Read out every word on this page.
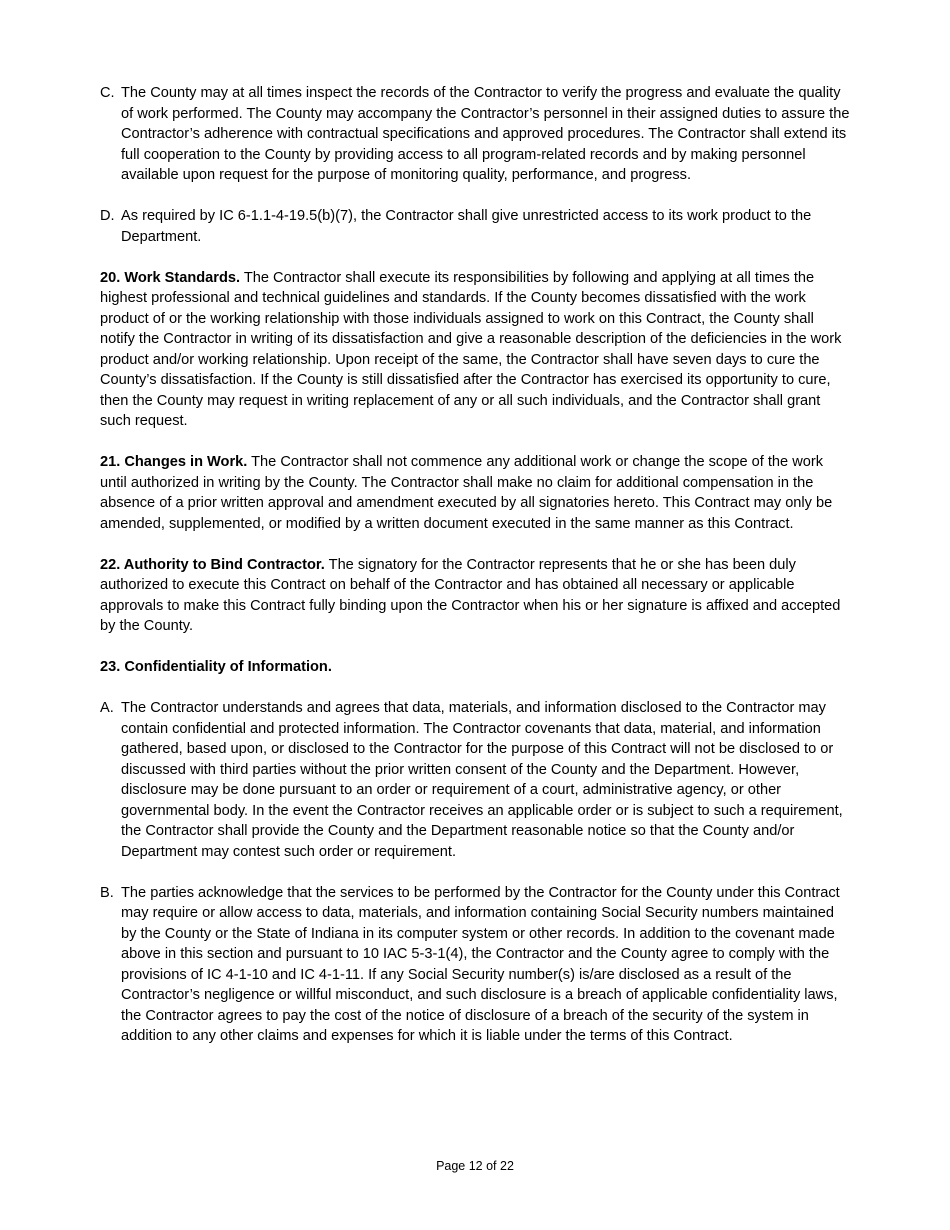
C. The County may at all times inspect the records of the Contractor to verify the progress and evaluate the quality of work performed. The County may accompany the Contractor’s personnel in their assigned duties to assure the Contractor’s adherence with contractual specifications and approved procedures. The Contractor shall extend its full cooperation to the County by providing access to all program-related records and by making personnel available upon request for the purpose of monitoring quality, performance, and progress.
D. As required by IC 6-1.1-4-19.5(b)(7), the Contractor shall give unrestricted access to its work product to the Department.

20. Work Standards. The Contractor shall execute its responsibilities by following and applying at all times the highest professional and technical guidelines and standards. If the County becomes dissatisfied with the work product of or the working relationship with those individuals assigned to work on this Contract, the County shall notify the Contractor in writing of its dissatisfaction and give a reasonable description of the deficiencies in the work product and/or working relationship. Upon receipt of the same, the Contractor shall have seven days to cure the County’s dissatisfaction. If the County is still dissatisfied after the Contractor has exercised its opportunity to cure, then the County may request in writing replacement of any or all such individuals, and the Contractor shall grant such request.

21. Changes in Work. The Contractor shall not commence any additional work or change the scope of the work until authorized in writing by the County. The Contractor shall make no claim for additional compensation in the absence of a prior written approval and amendment executed by all signatories hereto. This Contract may only be amended, supplemented, or modified by a written document executed in the same manner as this Contract.

22. Authority to Bind Contractor. The signatory for the Contractor represents that he or she has been duly authorized to execute this Contract on behalf of the Contractor and has obtained all necessary or applicable approvals to make this Contract fully binding upon the Contractor when his or her signature is affixed and accepted by the County.

23. Confidentiality of Information.

A. The Contractor understands and agrees that data, materials, and information disclosed to the Contractor may contain confidential and protected information. The Contractor covenants that data, material, and information gathered, based upon, or disclosed to the Contractor for the purpose of this Contract will not be disclosed to or discussed with third parties without the prior written consent of the County and the Department. However, disclosure may be done pursuant to an order or requirement of a court, administrative agency, or other governmental body. In the event the Contractor receives an applicable order or is subject to such a requirement, the Contractor shall provide the County and the Department reasonable notice so that the County and/or Department may contest such order or requirement.
B. The parties acknowledge that the services to be performed by the Contractor for the County under this Contract may require or allow access to data, materials, and information containing Social Security numbers maintained by the County or the State of Indiana in its computer system or other records. In addition to the covenant made above in this section and pursuant to 10 IAC 5-3-1(4), the Contractor and the County agree to comply with the provisions of IC 4-1-10 and IC 4-1-11. If any Social Security number(s) is/are disclosed as a result of the Contractor’s negligence or willful misconduct, and such disclosure is a breach of applicable confidentiality laws, the Contractor agrees to pay the cost of the notice of disclosure of a breach of the security of the system in addition to any other claims and expenses for which it is liable under the terms of this Contract.
Page 12 of 22
